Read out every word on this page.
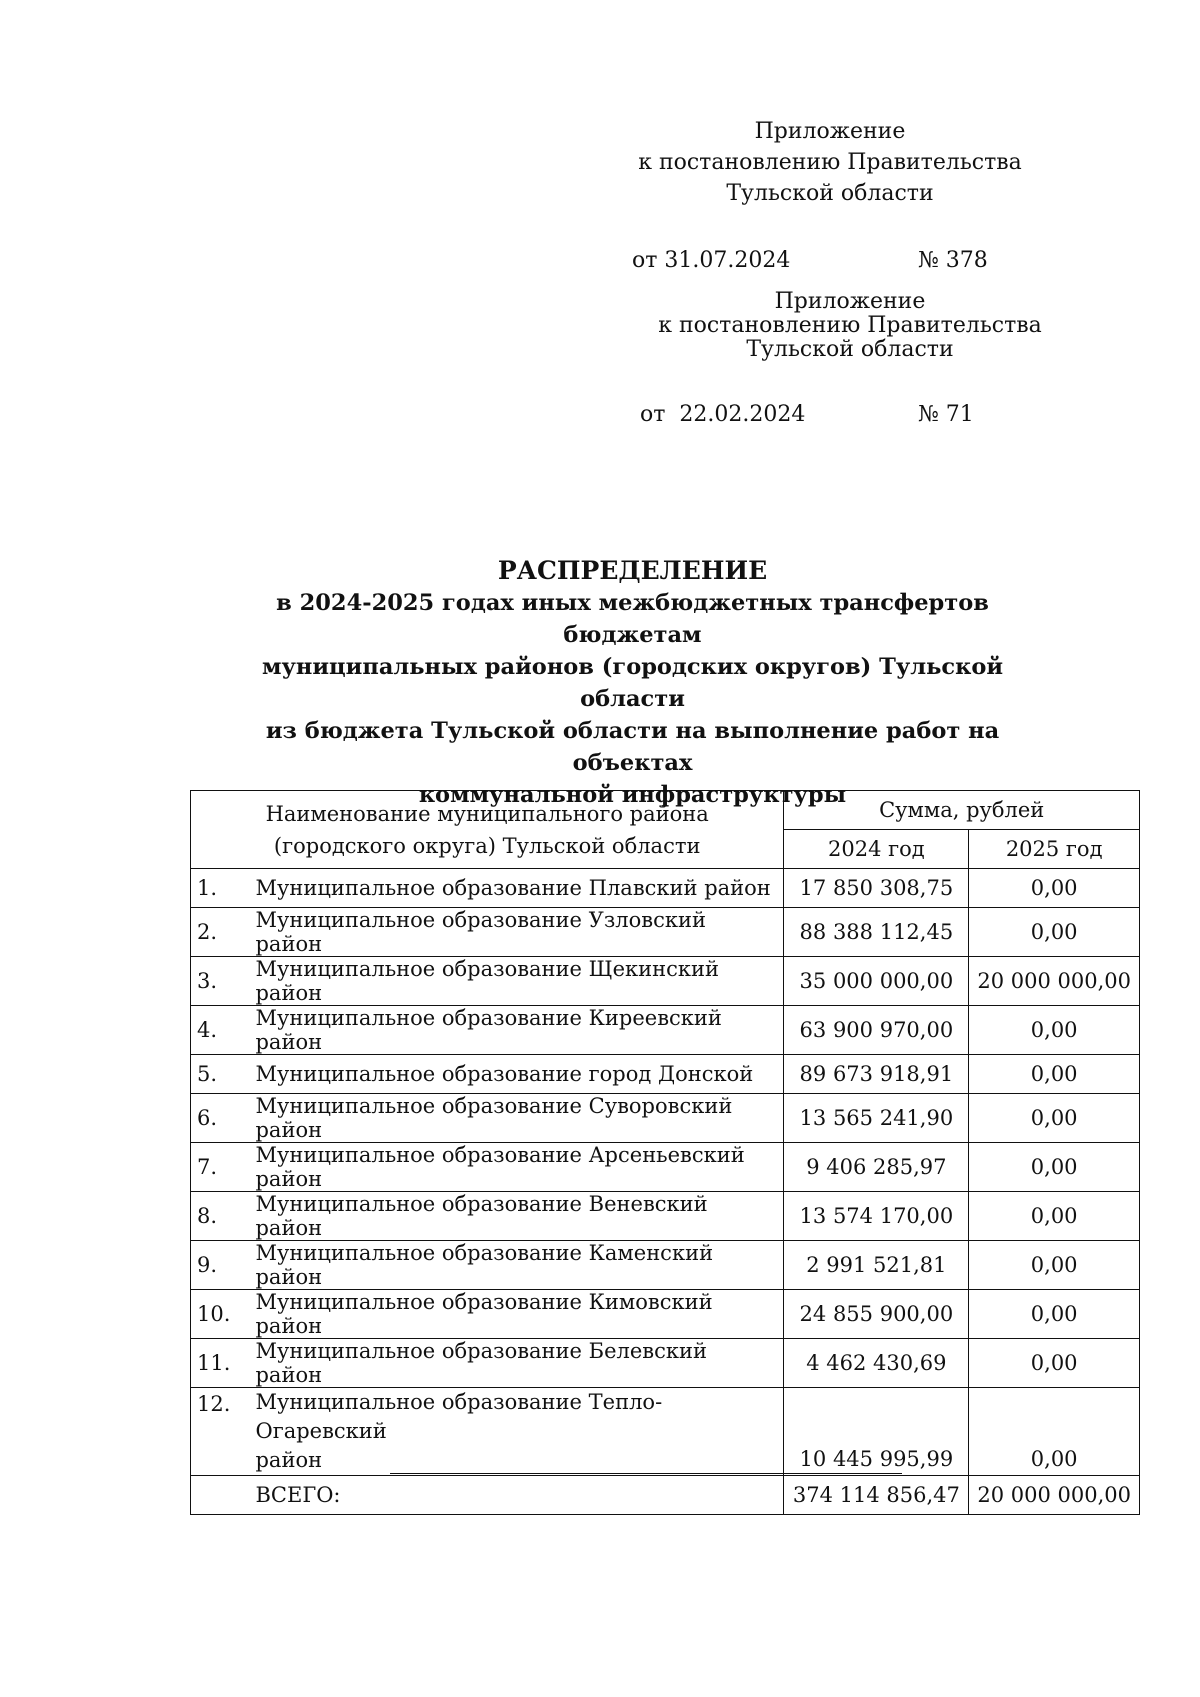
Приложение
к постановлению Правительства
Тульской области
от 31.07.2024	№ 378
Приложение
к постановлению Правительства
Тульской области
от  22.02.2024	№ 71
РАСПРЕДЕЛЕНИЕ
в 2024-2025 годах иных межбюджетных трансфертов бюджетам
муниципальных районов (городских округов) Тульской области
из бюджета Тульской области на выполнение работ на объектах
коммунальной инфраструктуры
Наименование муниципального района
(городского округа) Тульской области		Сумма, рублей	
		2024 год	2025 год
1.	Муниципальное образование Плавский район	17 850 308,75	0,00
2.	Муниципальное образование Узловский район	88 388 112,45	0,00
3.	Муниципальное образование Щекинский район	35 000 000,00	20 000 000,00
4.	Муниципальное образование Киреевский район	63 900 970,00	0,00
5.	Муниципальное образование город Донской	89 673 918,91	0,00
6.	Муниципальное образование Суворовский район	13 565 241,90	0,00
7.	Муниципальное образование Арсеньевский район	9 406 285,97	0,00
8.	Муниципальное образование Веневский район	13 574 170,00	0,00
9.	Муниципальное образование Каменский район	2 991 521,81	0,00
10.	Муниципальное образование Кимовский район	24 855 900,00	0,00
11.	Муниципальное образование Белевский район	4 462 430,69	0,00
12.	Муниципальное образование Тепло-Огаревский
район	10 445 995,99	0,00
	ВСЕГО:	374 114 856,47	20 000 000,00
